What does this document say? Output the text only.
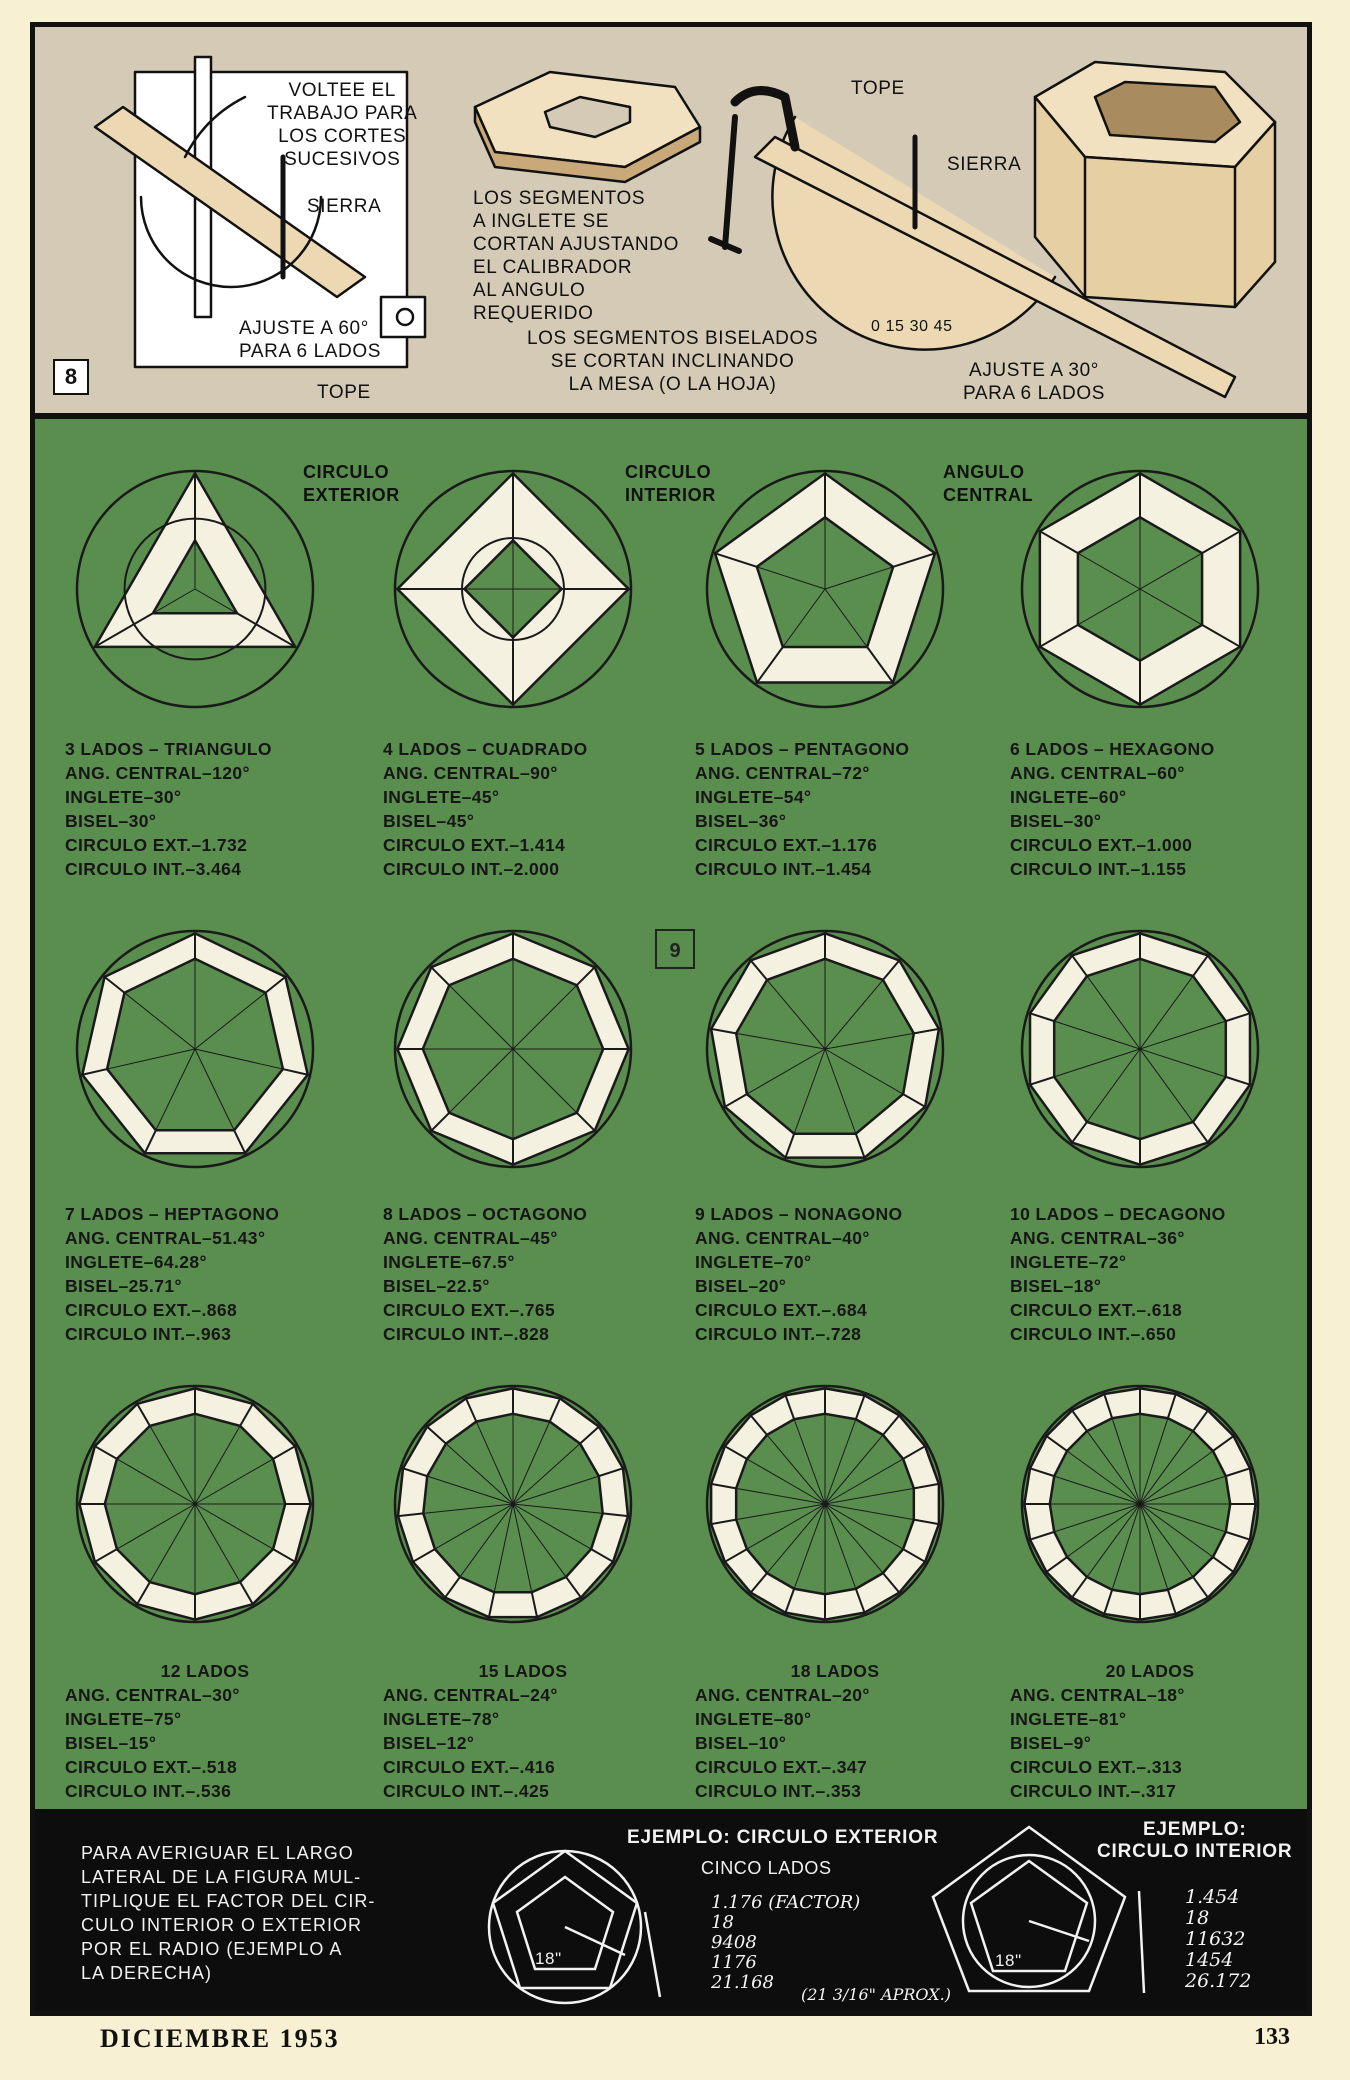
VOLTEE EL
TRABAJO PARA
LOS CORTES
SUCESIVOS
SIERRA
AJUSTE A 60°
PARA 6 LADOS
TOPE
LOS SEGMENTOS
A INGLETE SE
CORTAN AJUSTANDO
EL CALIBRADOR
AL ANGULO
REQUERIDO
LOS SEGMENTOS BISELADOS
SE CORTAN INCLINANDO
LA MESA (O LA HOJA)
TOPE
SIERRA
AJUSTE A 30°
PARA 6 LADOS
0 15 30 45
8
CIRCULO
EXTERIOR
CIRCULO
INTERIOR
ANGULO
CENTRAL
9
3 LADOS – TRIANGULO
ANG. CENTRAL–120°
INGLETE–30°
BISEL–30°
CIRCULO EXT.–1.732
CIRCULO INT.–3.464
4 LADOS – CUADRADO
ANG. CENTRAL–90°
INGLETE–45°
BISEL–45°
CIRCULO EXT.–1.414
CIRCULO INT.–2.000
5 LADOS – PENTAGONO
ANG. CENTRAL–72°
INGLETE–54°
BISEL–36°
CIRCULO EXT.–1.176
CIRCULO INT.–1.454
6 LADOS – HEXAGONO
ANG. CENTRAL–60°
INGLETE–60°
BISEL–30°
CIRCULO EXT.–1.000
CIRCULO INT.–1.155
7 LADOS – HEPTAGONO
ANG. CENTRAL–51.43°
INGLETE–64.28°
BISEL–25.71°
CIRCULO EXT.–.868
CIRCULO INT.–.963
8 LADOS – OCTAGONO
ANG. CENTRAL–45°
INGLETE–67.5°
BISEL–22.5°
CIRCULO EXT.–.765
CIRCULO INT.–.828
9 LADOS – NONAGONO
ANG. CENTRAL–40°
INGLETE–70°
BISEL–20°
CIRCULO EXT.–.684
CIRCULO INT.–.728
10 LADOS – DECAGONO
ANG. CENTRAL–36°
INGLETE–72°
BISEL–18°
CIRCULO EXT.–.618
CIRCULO INT.–.650
12 LADOS
ANG. CENTRAL–30°
INGLETE–75°
BISEL–15°
CIRCULO EXT.–.518
CIRCULO INT.–.536
15 LADOS
ANG. CENTRAL–24°
INGLETE–78°
BISEL–12°
CIRCULO EXT.–.416
CIRCULO INT.–.425
18 LADOS
ANG. CENTRAL–20°
INGLETE–80°
BISEL–10°
CIRCULO EXT.–.347
CIRCULO INT.–.353
20 LADOS
ANG. CENTRAL–18°
INGLETE–81°
BISEL–9°
CIRCULO EXT.–.313
CIRCULO INT.–.317
PARA AVERIGUAR EL LARGO
LATERAL DE LA FIGURA MUL-
TIPLIQUE EL FACTOR DEL CIR-
CULO INTERIOR O EXTERIOR
POR EL RADIO (EJEMPLO A
LA DERECHA)
EJEMPLO: CIRCULO EXTERIOR
CINCO LADOS
18"
1.176 (FACTOR)
18
9408
1176
21.168
(21 3/16" APROX.)
EJEMPLO:
CIRCULO INTERIOR
18"
1.454
18
11632
1454
26.172
DICIEMBRE 1953	133
